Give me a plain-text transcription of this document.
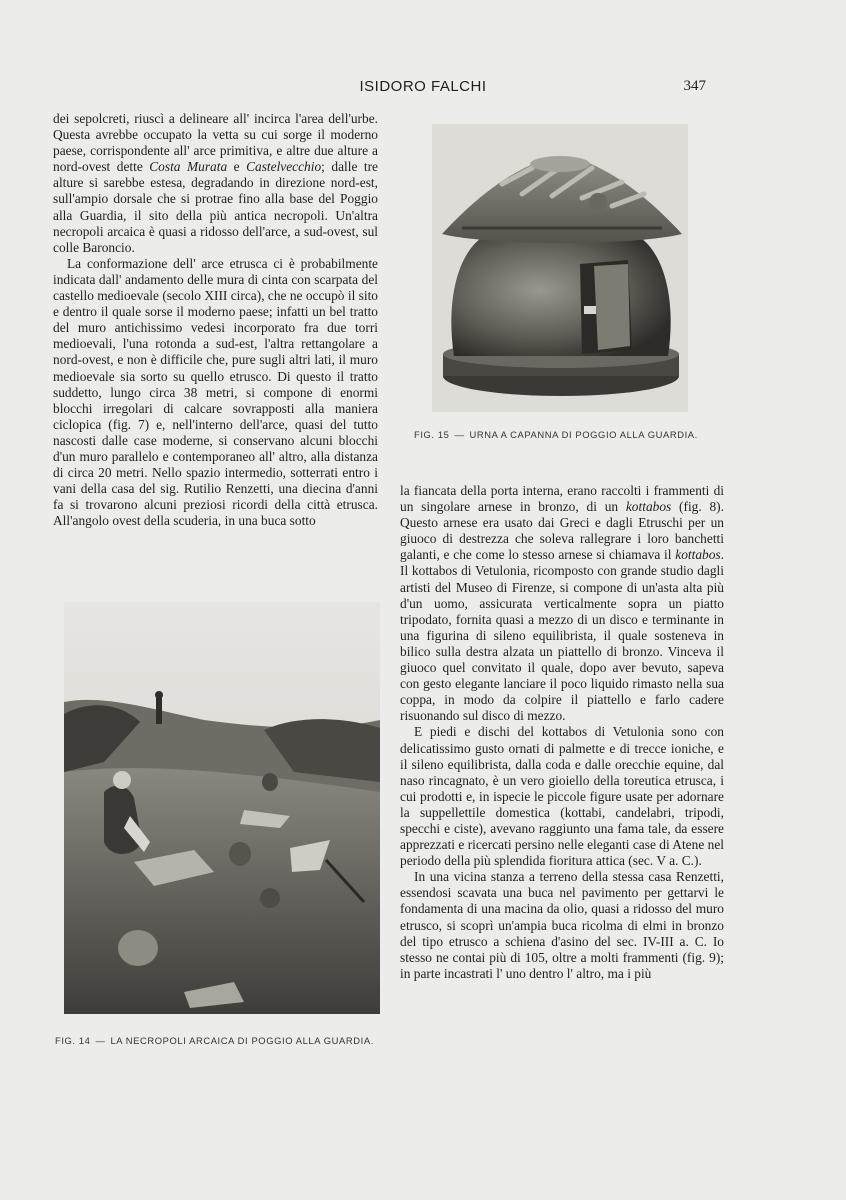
ISIDORO FALCHI	347
FIG. 15 — URNA A CAPANNA DI POGGIO ALLA GUARDIA.

dei sepolcreti, riuscì a delineare all' incirca l'area dell'urbe. Questa avrebbe occupato la vetta su cui sorge il moderno paese, corrispondente all' arce primitiva, e altre due alture a nord-ovest dette Costa Murata e Castelvecchio; dalle tre alture si sarebbe estesa, degradando in direzione nord-est, sull'ampio dorsale che si protrae fino alla base del Poggio alla Guardia, il sito della più antica necropoli. Un'altra necropoli arcaica è quasi a ridosso dell'arce, a sud-ovest, sul colle Baroncio.

La conformazione dell' arce etrusca ci è probabilmente indicata dall' andamento delle mura di cinta con scarpata del castello medioevale (secolo XIII circa), che ne occupò il sito e dentro il quale sorse il moderno paese; infatti un bel tratto del muro antichissimo vedesi incorporato fra due torri medioevali, l'una rotonda a sud-est, l'altra rettangolare a nord-ovest, e non è difficile che, pure sugli altri lati, il muro medioevale sia sorto su quello etrusco. Di questo il tratto suddetto, lungo circa 38 metri, si compone di enormi blocchi irregolari di calcare sovrapposti alla maniera ciclopica (fig. 7) e, nell'interno dell'arce, quasi del tutto nascosti dalle case moderne, si conservano alcuni blocchi d'un muro parallelo e contemporaneo all' altro, alla distanza di circa 20 metri. Nello spazio intermedio, sotterrati entro i vani della casa del sig. Rutilio Renzetti, una diecina d'anni fa si trovarono alcuni preziosi ricordi della città etrusca. All'angolo ovest della scuderia, in una buca sotto

la fiancata della porta interna, erano raccolti i frammenti di un singolare arnese in bronzo, di un kottabos (fig. 8). Questo arnese era usato dai Greci e dagli Etruschi per un giuoco di destrezza che soleva rallegrare i loro banchetti galanti, e che come lo stesso arnese si chiamava il kottabos. Il kottabos di Vetulonia, ricomposto con grande studio dagli artisti del Museo di Firenze, si compone di un'asta alta più d'un uomo, assicurata verticalmente sopra un piatto tripodato, fornita quasi a mezzo di un disco e terminante in una figurina di sileno equilibrista, il quale sosteneva in bilico sulla destra alzata un piattello di bronzo. Vinceva il giuoco quel convitato il quale, dopo aver bevuto, sapeva con gesto elegante lanciare il poco liquido rimasto nella sua coppa, in modo da colpire il piattello e farlo cadere risuonando sul disco di mezzo.

E piedi e dischi del kottabos di Vetulonia sono con delicatissimo gusto ornati di palmette e di trecce ioniche, e il sileno equilibrista, dalla coda e dalle orecchie equine, dal naso rincagnato, è un vero gioiello della toreutica etrusca, i cui prodotti e, in ispecie le piccole figure usate per adornare la suppellettile domestica (kottabi, candelabri, tripodi, specchi e ciste), avevano raggiunto una fama tale, da essere apprezzati e ricercati persino nelle eleganti case di Atene nel periodo della più splendida fioritura attica (sec. V a. C.).

In una vicina stanza a terreno della stessa casa Renzetti, essendosi scavata una buca nel pavimento per gettarvi le fondamenta di una macina da olio, quasi a ridosso del muro etrusco, si scoprì un'ampia buca ricolma di elmi in bronzo del tipo etrusco a schiena d'asino del sec. IV-III a. C. Io stesso ne contai più di 105, oltre a molti frammenti (fig. 9); in parte incastrati l' uno dentro l' altro, ma i più

FIG. 14 — LA NECROPOLI ARCAICA DI POGGIO ALLA GUARDIA.
